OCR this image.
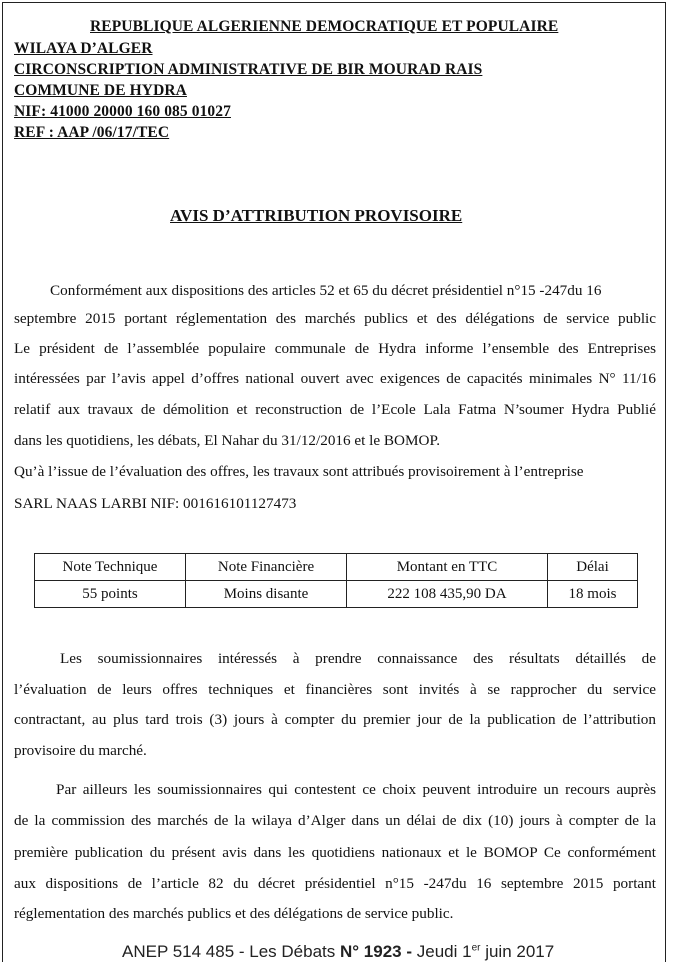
REPUBLIQUE ALGERIENNE DEMOCRATIQUE ET POPULAIRE
WILAYA D’ALGER
CIRCONSCRIPTION ADMINISTRATIVE DE BIR MOURAD RAIS
COMMUNE DE HYDRA
NIF: 41000 20000 160 085 01027
REF : AAP /06/17/TEC
AVIS D’ATTRIBUTION PROVISOIRE
Conformément aux dispositions des articles 52 et 65 du décret présidentiel n°15 -247du 16
septembre 2015 portant réglementation des marchés publics et des délégations de service public
Le président de l’assemblée populaire communale de Hydra informe l’ensemble des Entreprises
intéressées par l’avis appel d’offres national ouvert avec exigences de capacités minimales N° 11/16
relatif aux travaux de démolition et reconstruction de l’Ecole Lala Fatma N’soumer Hydra Publié
dans les quotidiens, les débats, El Nahar du 31/12/2016 et le BOMOP.
Qu’à l’issue de l’évaluation des offres, les travaux sont attribués provisoirement à l’entreprise
SARL NAAS LARBI NIF: 001616101127473
Note Technique	Note Financière	Montant en TTC	Délai
55 points	Moins disante	222 108 435,90 DA	18 mois
Les soumissionnaires intéressés à prendre connaissance des résultats détaillés de
l’évaluation de leurs offres techniques et financières sont invités à se rapprocher du service
contractant, au plus tard trois (3) jours à compter du premier jour de la publication de l’attribution
provisoire du marché.
Par ailleurs les soumissionnaires qui contestent ce choix peuvent introduire un recours auprès
de la commission des marchés de la wilaya d’Alger dans un délai de dix (10) jours à compter de la
première publication du présent avis dans les quotidiens nationaux et le BOMOP Ce conformément
aux dispositions de l’article 82 du décret présidentiel n°15 -247du 16 septembre 2015 portant
réglementation des marchés publics et des délégations de service public.
ANEP 514 485 - Les Débats N° 1923 - Jeudi 1er juin 2017
